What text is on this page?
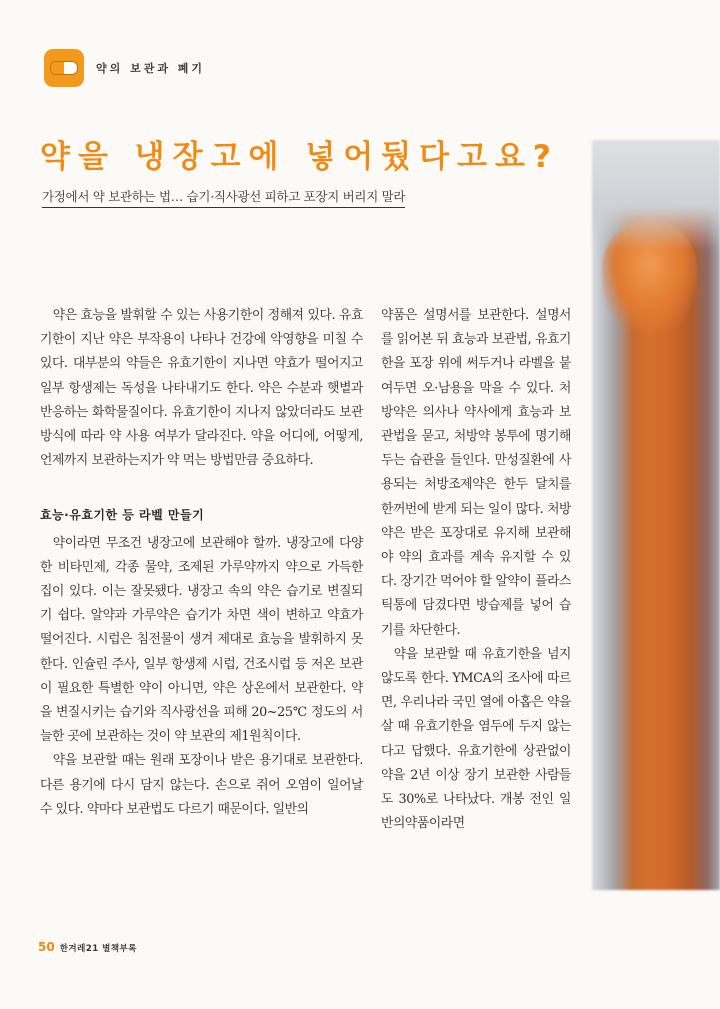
약의 보관과 폐기
약을 냉장고에 넣어뒀다고요?
가정에서 약 보관하는 법… 습기·직사광선 피하고 포장지 버리지 말라

약은 효능을 발휘할 수 있는 사용기한이 정해져 있다. 유효기한이 지난 약은 부작용이 나타나 건강에 악영향을 미칠 수 있다. 대부분의 약들은 유효기한이 지나면 약효가 떨어지고 일부 항생제는 독성을 나타내기도 한다. 약은 수분과 햇볕과 반응하는 화학물질이다. 유효기한이 지나지 않았더라도 보관 방식에 따라 약 사용 여부가 달라진다. 약을 어디에, 어떻게, 언제까지 보관하는지가 약 먹는 방법만큼 중요하다.

효능·유효기한 등 라벨 만들기

약이라면 무조건 냉장고에 보관해야 할까. 냉장고에 다양한 비타민제, 각종 물약, 조제된 가루약까지 약으로 가득한 집이 있다. 이는 잘못됐다. 냉장고 속의 약은 습기로 변질되기 쉽다. 알약과 가루약은 습기가 차면 색이 변하고 약효가 떨어진다. 시럽은 침전물이 생겨 제대로 효능을 발휘하지 못한다. 인슐린 주사, 일부 항생제 시럽, 건조시럽 등 저온 보관이 필요한 특별한 약이 아니면, 약은 상온에서 보관한다. 약을 변질시키는 습기와 직사광선을 피해 20~25℃ 정도의 서늘한 곳에 보관하는 것이 약 보관의 제1원칙이다.

약을 보관할 때는 원래 포장이나 받은 용기대로 보관한다. 다른 용기에 다시 담지 않는다. 손으로 쥐어 오염이 일어날 수 있다. 약마다 보관법도 다르기 때문이다. 일반의

약품은 설명서를 보관한다. 설명서를 읽어본 뒤 효능과 보관법, 유효기한을 포장 위에 써두거나 라벨을 붙여두면 오·남용을 막을 수 있다. 처방약은 의사나 약사에게 효능과 보관법을 묻고, 처방약 봉투에 명기해두는 습관을 들인다. 만성질환에 사용되는 처방조제약은 한두 달치를 한꺼번에 받게 되는 일이 많다. 처방약은 받은 포장대로 유지해 보관해야 약의 효과를 계속 유지할 수 있다. 장기간 먹어야 할 알약이 플라스틱통에 담겼다면 방습제를 넣어 습기를 차단한다.

약을 보관할 때 유효기한을 넘지 않도록 한다. YMCA의 조사에 따르면, 우리나라 국민 열에 아홉은 약을 살 때 유효기한을 염두에 두지 않는다고 답했다. 유효기한에 상관없이 약을 2년 이상 장기 보관한 사람들도 30%로 나타났다. 개봉 전인 일반의약품이라면

50 한겨레21 별책부록
